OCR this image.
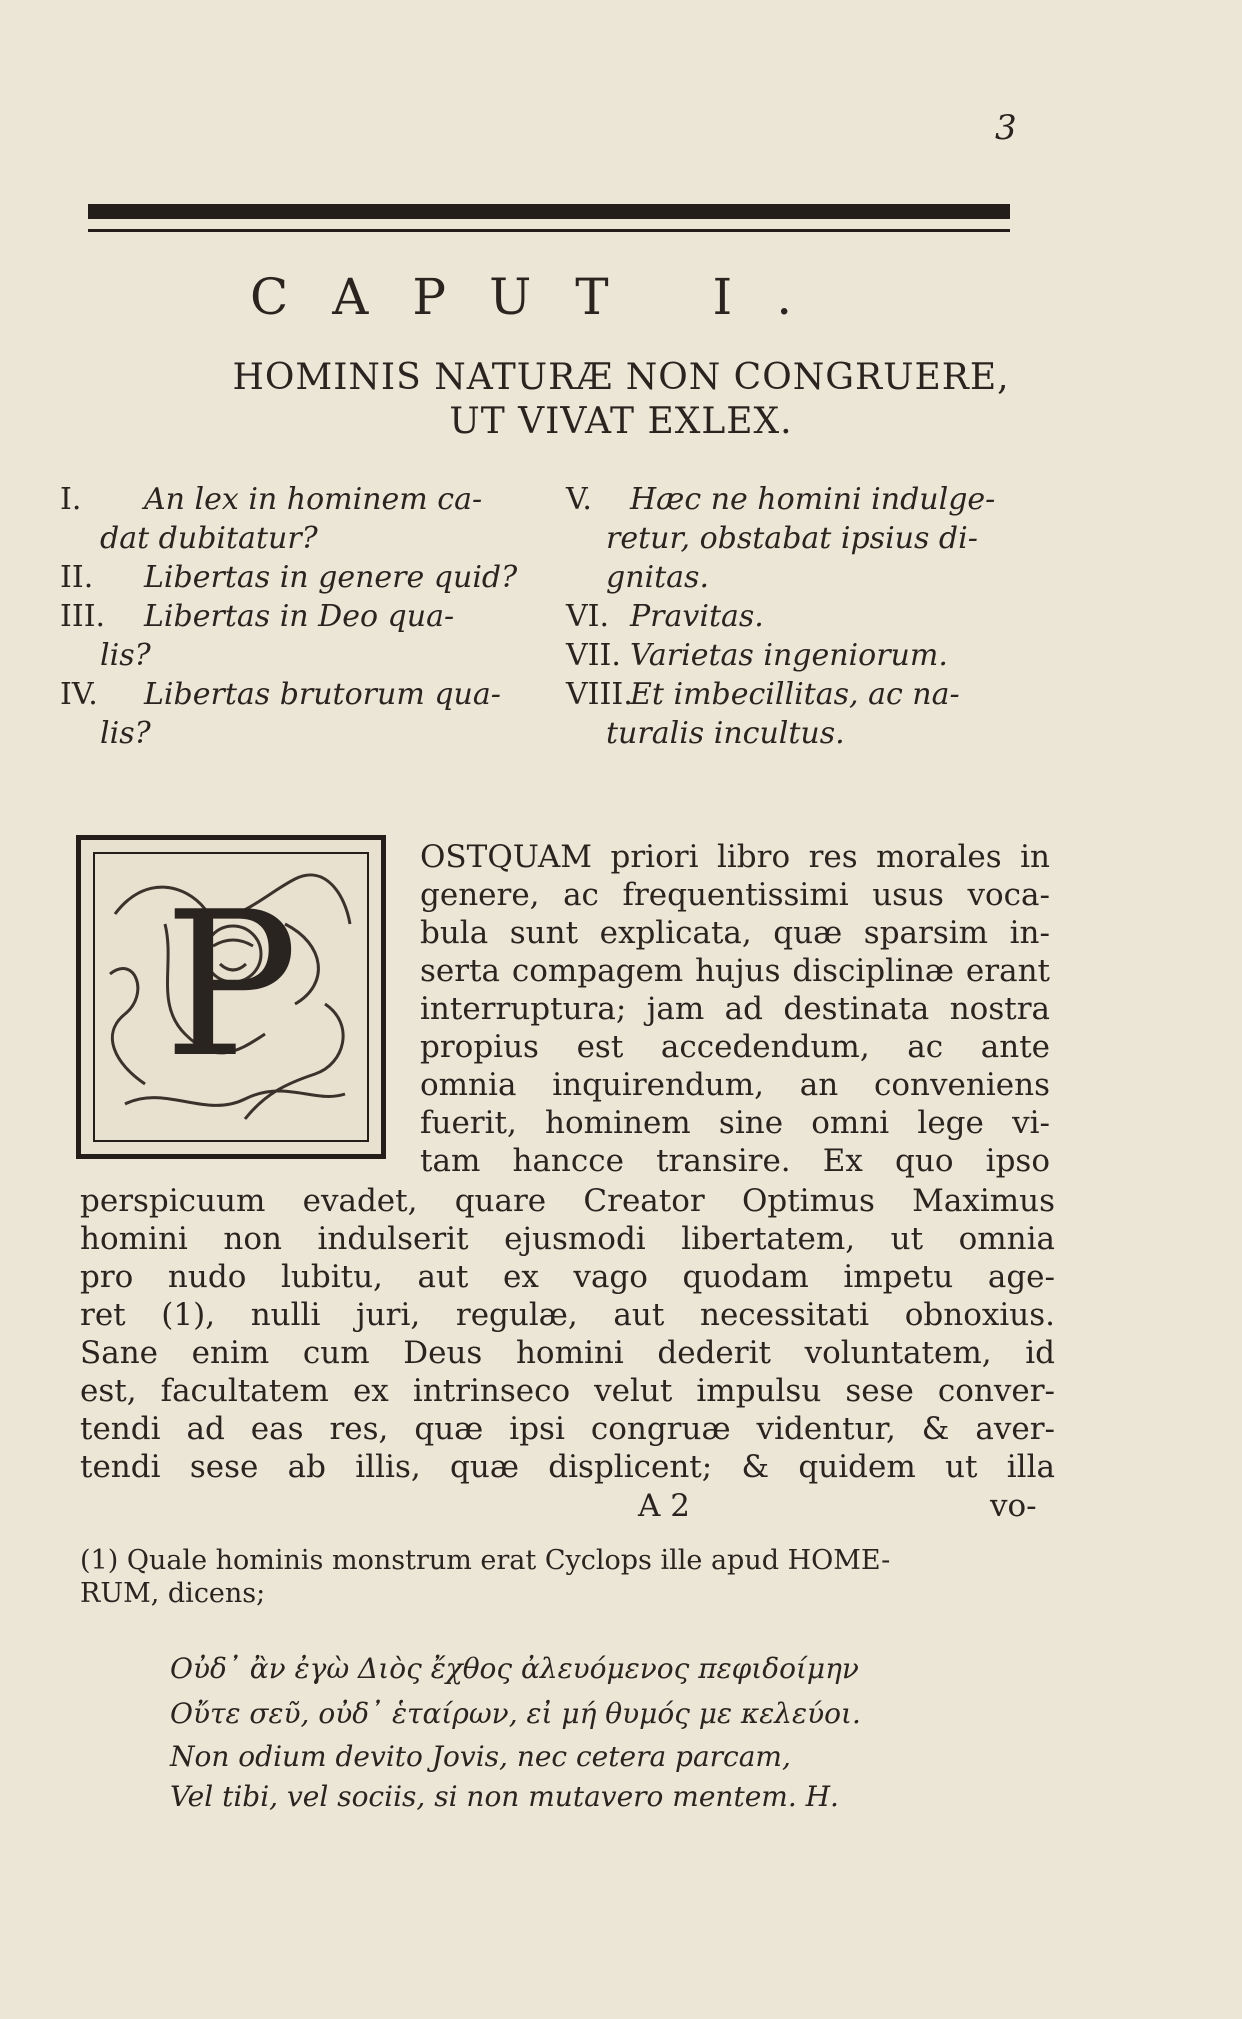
3
CAPUT I.
HOMINIS NATURÆ NON CONGRUERE,
UT VIVAT EXLEX.
I. An lex in hominem ca-
dat dubitatur?
II. Libertas in genere quid?
III. Libertas in Deo qua-
lis?
IV. Libertas brutorum qua-
lis?
V. Hæc ne homini indulge-
retur, obstabat ipsius di-
gnitas.
VI. Pravitas.
VII. Varietas ingeniorum.
VIII.Et imbecillitas, ac na-
turalis incultus.
P
OSTQUAM priori libro res morales in
genere, ac frequentissimi usus voca-
bula sunt explicata, quæ sparsim in-
serta compagem hujus disciplinæ erant
interruptura; jam ad destinata nostra
propius est accedendum, ac ante
omnia inquirendum, an conveniens
fuerit, hominem sine omni lege vi-
tam hancce transire. Ex quo ipso
perspicuum evadet, quare Creator Optimus Maximus
homini non indulserit ejusmodi libertatem, ut omnia
pro nudo lubitu, aut ex vago quodam impetu age-
ret (1), nulli juri, regulæ, aut necessitati obnoxius.
Sane enim cum Deus homini dederit voluntatem, id
est, facultatem ex intrinseco velut impulsu sese conver-
tendi ad eas res, quæ ipsi congruæ videntur, & aver-
tendi sese ab illis, quæ displicent; & quidem ut illa
A 2	vo-
(1) Quale hominis monstrum erat Cyclops ille apud HOME-
RUM, dicens;
Οὐδ᾽ ἂν ἐγὼ Διὸς ἔχθος ἀλευόμενος πεφιδοίμην
Οὔτε σεῦ, οὐδ᾽ ἑταίρων, εἰ μή θυμός με κελεύοι.
Non odium devito Jovis, nec cetera parcam,
Vel tibi, vel sociis, si non mutavero mentem. H.
